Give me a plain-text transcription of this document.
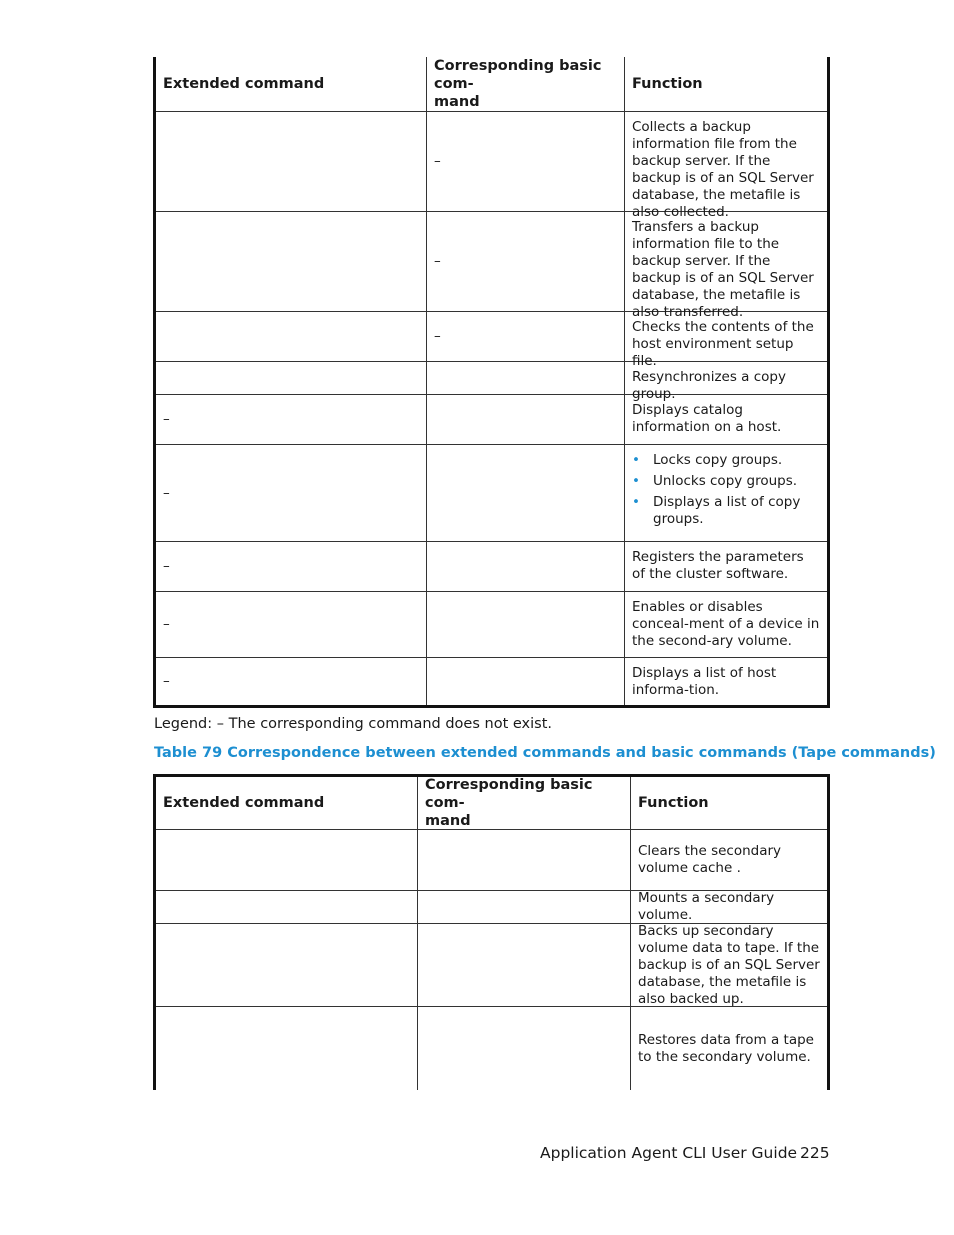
Extended command
Corresponding basic com-
mand
Function
–
Collects a backup information file from the backup server. If the backup is of an SQL Server database, the metafile is also collected.
–
Transfers a backup information file to the backup server. If the backup is of an SQL Server database, the metafile is also transferred.
–
Checks the contents of the host environment setup file.
Resynchronizes a copy group.
–
Displays catalog information on a host.
–
• Locks copy groups.
• Unlocks copy groups.
• Displays a list of copy groups.
–
Registers the parameters of the cluster software.
–
Enables or disables conceal-ment of a device in the second-ary volume.
–	Displays a list of host informa-tion.
Legend: – The corresponding command does not exist.
Table 79 Correspondence between extended commands and basic commands (Tape commands)
Extended command
Corresponding basic com-
mand
Function
Clears the secondary volume cache .
Mounts a secondary volume.
Backs up secondary volume data to tape. If the backup is of an SQL Server database, the metafile is also backed up.
Restores data from a tape to the secondary volume.
Application Agent CLI User Guide 225
